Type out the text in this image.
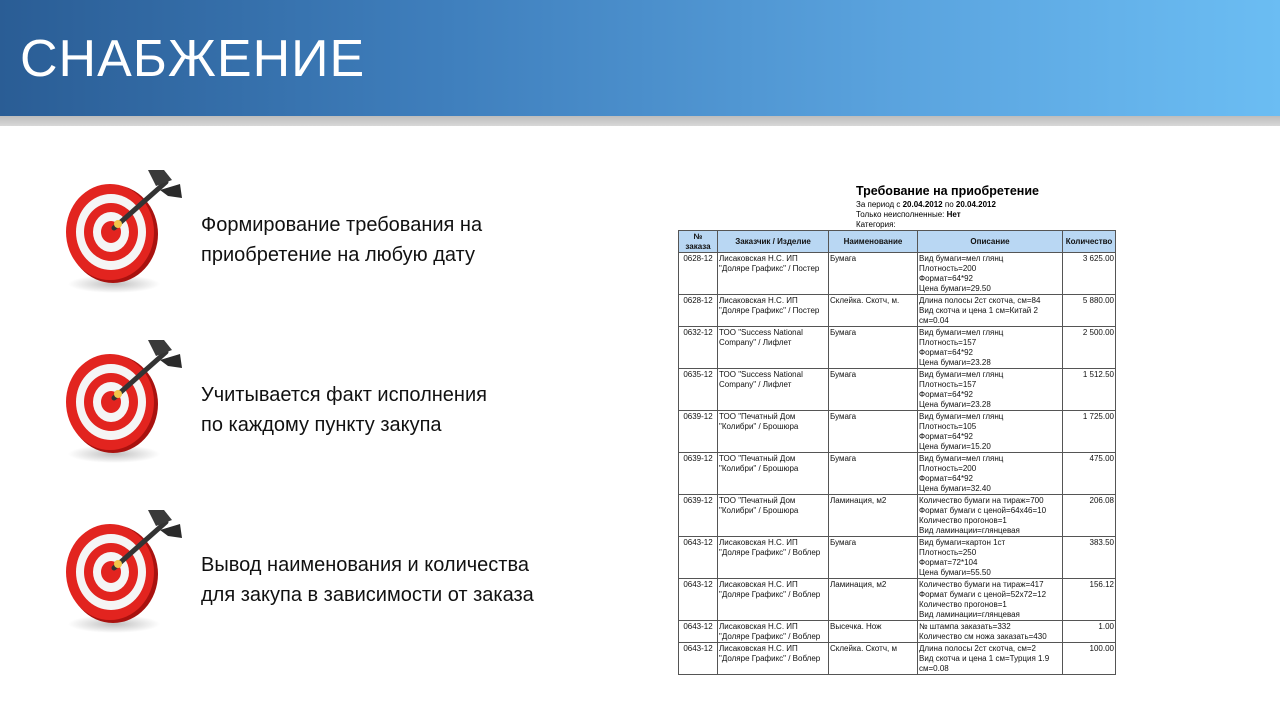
СНАБЖЕНИЕ
Формирование требования на
приобретение на любую дату
Учитывается факт исполнения
по каждому пункту закупа
Вывод наименования и количества
для закупа в зависимости от заказа
Требование на приобретение
За период с 20.04.2012 по 20.04.2012
Только неисполненные: Нет
Категория:
№ заказа	Заказчик / Изделие	Наименование	Описание	Количество
0628-12	Лисаковская Н.С. ИП
"Доляре Графикс" / Постер	Бумага	Вид бумаги=мел глянц
Плотность=200
Формат=64*92
Цена бумаги=29.50	3 625.00
0628-12	Лисаковская Н.С. ИП
"Доляре Графикс" / Постер	Склейка. Скотч, м.	Длина полосы 2ст скотча, см=84
Вид скотча и цена 1 см=Китай 2
см=0.04	5 880.00
0632-12	ТОО "Success National
Company" / Лифлет	Бумага	Вид бумаги=мел глянц
Плотность=157
Формат=64*92
Цена бумаги=23.28	2 500.00
0635-12	ТОО "Success National
Company" / Лифлет	Бумага	Вид бумаги=мел глянц
Плотность=157
Формат=64*92
Цена бумаги=23.28	1 512.50
0639-12	ТОО "Печатный Дом
"Колибри" / Брошюра	Бумага	Вид бумаги=мел глянц
Плотность=105
Формат=64*92
Цена бумаги=15.20	1 725.00
0639-12	ТОО "Печатный Дом
"Колибри" / Брошюра	Бумага	Вид бумаги=мел глянц
Плотность=200
Формат=64*92
Цена бумаги=32.40	475.00
0639-12	ТОО "Печатный Дом
"Колибри" / Брошюра	Ламинация, м2	Количество бумаги на тираж=700
Формат бумаги с ценой=64х46=10
Количество прогонов=1
Вид ламинации=глянцевая	206.08
0643-12	Лисаковская Н.С. ИП
"Доляре Графикс" / Воблер	Бумага	Вид бумаги=картон 1ст
Плотность=250
Формат=72*104
Цена бумаги=55.50	383.50
0643-12	Лисаковская Н.С. ИП
"Доляре Графикс" / Воблер	Ламинация, м2	Количество бумаги на тираж=417
Формат бумаги с ценой=52х72=12
Количество прогонов=1
Вид ламинации=глянцевая	156.12
0643-12	Лисаковская Н.С. ИП
"Доляре Графикс" / Воблер	Высечка. Нож	№ штампа заказать=332
Количество см ножа заказать=430	1.00
0643-12	Лисаковская Н.С. ИП
"Доляре Графикс" / Воблер	Склейка. Скотч, м	Длина полосы 2ст скотча, см=2
Вид скотча и цена 1 см=Турция 1.9
см=0.08	100.00
